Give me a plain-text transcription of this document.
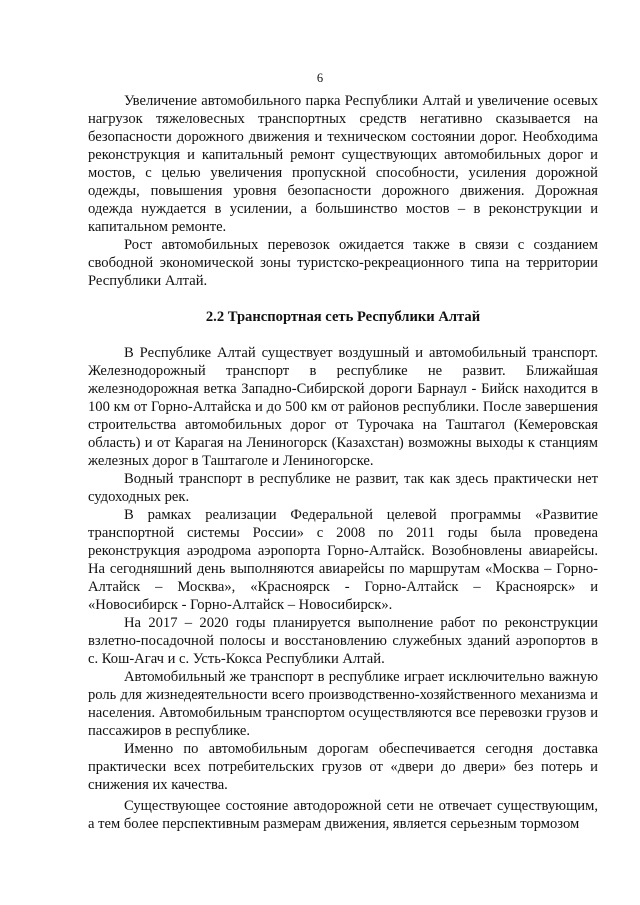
6

Увеличение автомобильного парка Республики Алтай и увеличение осевых нагрузок тяжеловесных транспортных средств негативно сказывается на безопасности дорожного движения и техническом состоянии дорог. Необходима реконструкция и капитальный ремонт существующих автомобильных дорог и мостов, с целью увеличения пропускной способности, усиления дорожной одежды, повышения уровня безопасности дорожного движения. Дорожная одежда нуждается в усилении, а большинство мостов – в реконструкции и капитальном ремонте.

Рост автомобильных перевозок ожидается также в связи с созданием свободной экономической зоны туристско-рекреационного типа на территории Республики Алтай.

2.2 Транспортная сеть Республики Алтай

В Республике Алтай существует воздушный и автомобильный транспорт. Железнодорожный транспорт в республике не развит. Ближайшая железнодорожная ветка Западно-Сибирской дороги Барнаул - Бийск находится в 100 км от Горно-Алтайска и до 500 км от районов республики. После завершения строительства автомобильных дорог от Турочака на Таштагол (Кемеровская область) и от Карагая на Лениногорск (Казахстан) возможны выходы к станциям железных дорог в Таштаголе и Лениногорске.

Водный транспорт в республике не развит, так как здесь практически нет судоходных рек.

В рамках реализации Федеральной целевой программы «Развитие транспортной системы России» с 2008 по 2011 годы была проведена реконструкция аэродрома аэропорта Горно-Алтайск. Возобновлены авиарейсы. На сегодняшний день выполняются авиарейсы по маршрутам «Москва – Горно-Алтайск – Москва», «Красноярск - Горно-Алтайск – Красноярск» и «Новосибирск - Горно-Алтайск – Новосибирск».

На 2017 – 2020 годы планируется выполнение работ по реконструкции взлетно-посадочной полосы и восстановлению служебных зданий аэропортов в с. Кош-Агач и с. Усть-Кокса Республики Алтай.

Автомобильный же транспорт в республике играет исключительно важную роль для жизнедеятельности всего производственно-хозяйственного механизма и населения. Автомобильным транспортом осуществляются все перевозки грузов и пассажиров в республике.

Именно по автомобильным дорогам обеспечивается сегодня доставка практически всех потребительских грузов от «двери до двери» без потерь и снижения их качества.

Существующее состояние автодорожной сети не отвечает существующим, а тем более перспективным размерам движения, является серьезным тормозом
